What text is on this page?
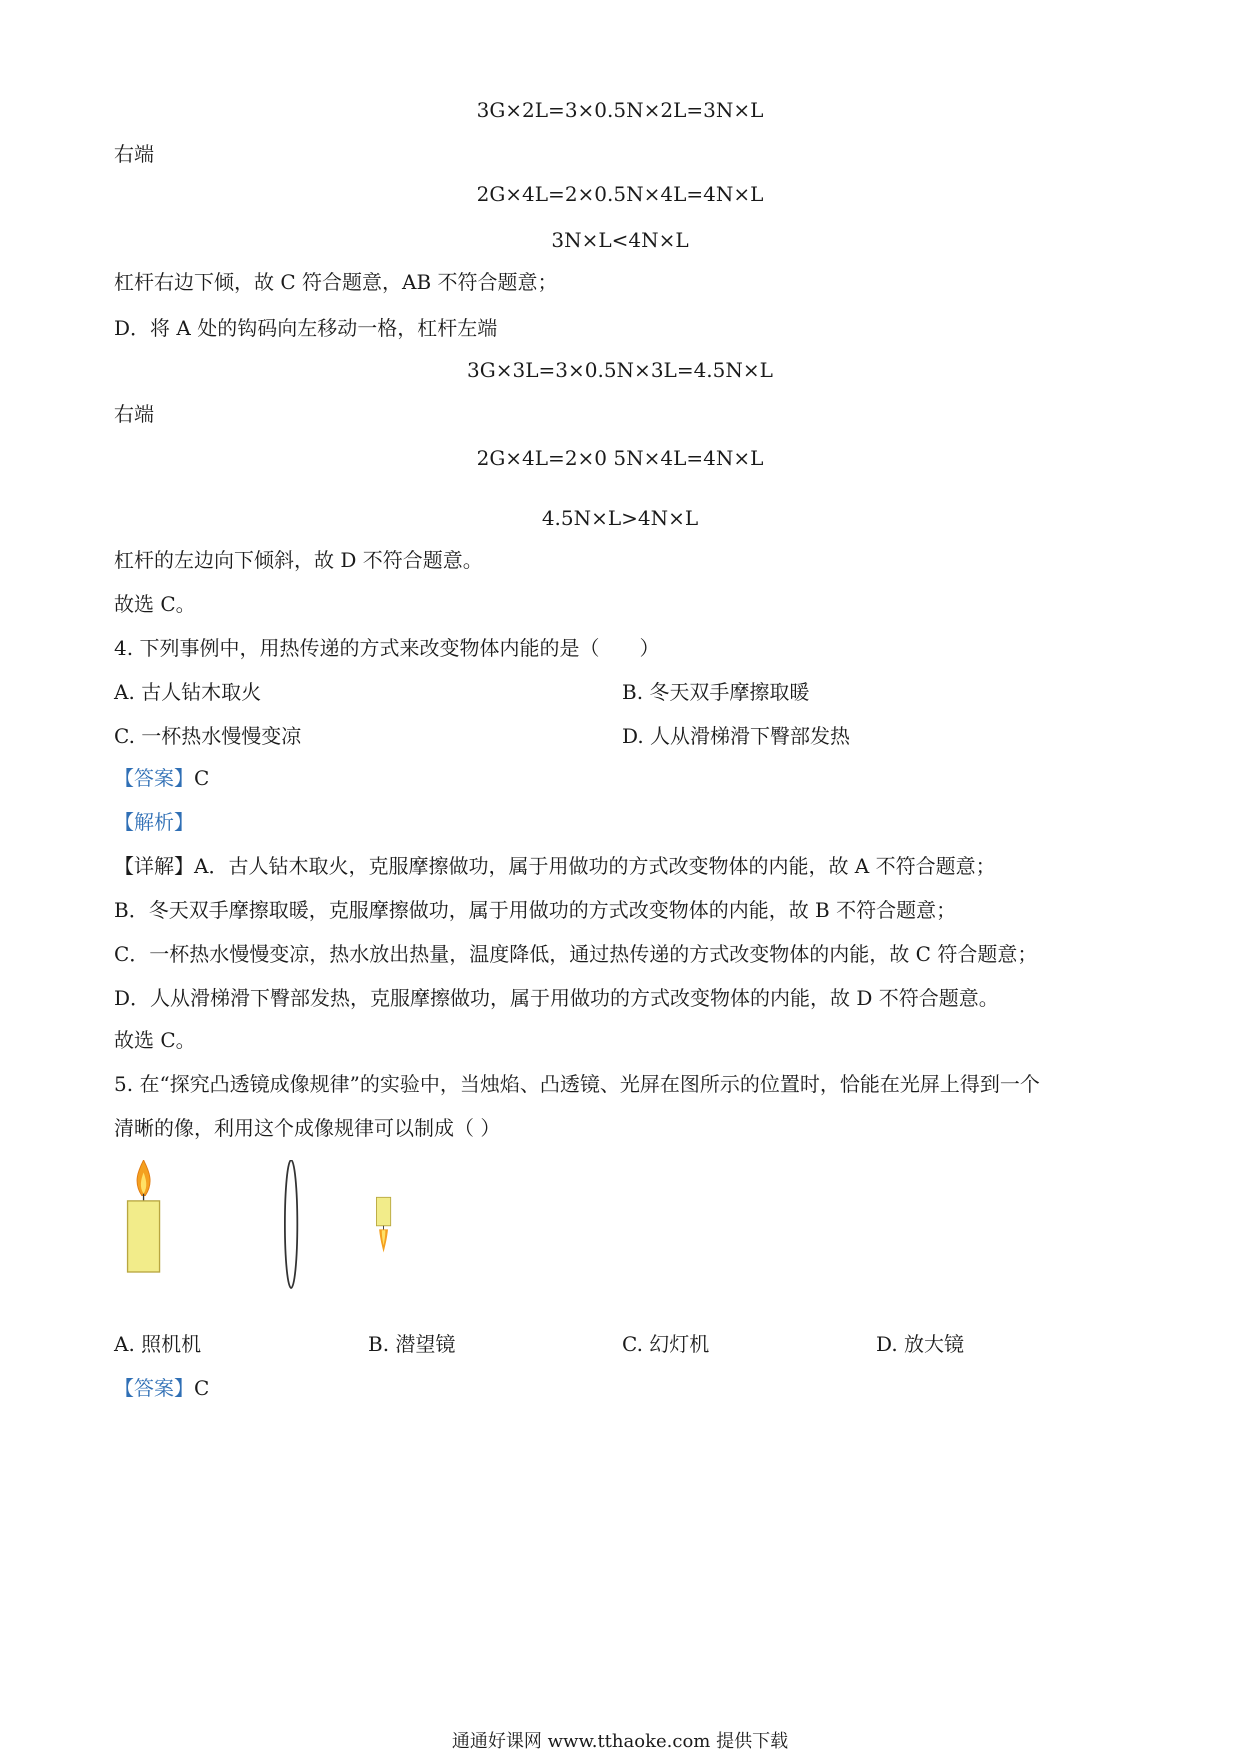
3G×2L=3×0.5N×2L=3N×L
右端
2G×4L=2×0.5N×4L=4N×L
3N×L<4N×L
杠杆右边下倾，故 C 符合题意，AB 不符合题意；
D．将 A 处的钩码向左移动一格，杠杆左端
3G×3L=3×0.5N×3L=4.5N×L
右端
2G×4L=2×0 5N×4L=4N×L
4.5N×L>4N×L
杠杆的左边向下倾斜，故 D 不符合题意。
故选 C。
4. 下列事例中，用热传递的方式来改变物体内能的是（　　）
A. 古人钻木取火	B. 冬天双手摩擦取暖
C. 一杯热水慢慢变凉	D. 人从滑梯滑下臀部发热
【答案】C
【解析】
【详解】A．古人钻木取火，克服摩擦做功，属于用做功的方式改变物体的内能，故 A 不符合题意；
B．冬天双手摩擦取暖，克服摩擦做功，属于用做功的方式改变物体的内能，故 B 不符合题意；
C．一杯热水慢慢变凉，热水放出热量，温度降低，通过热传递的方式改变物体的内能，故 C 符合题意；
D．人从滑梯滑下臀部发热，克服摩擦做功，属于用做功的方式改变物体的内能，故 D 不符合题意。
故选 C。
5. 在“探究凸透镜成像规律”的实验中，当烛焰、凸透镜、光屏在图所示的位置时，恰能在光屏上得到一个
清晰的像，利用这个成像规律可以制成（ ）
A. 照机机	B. 潜望镜	C. 幻灯机	D. 放大镜
【答案】C
通通好课网 www.tthaoke.com 提供下载
